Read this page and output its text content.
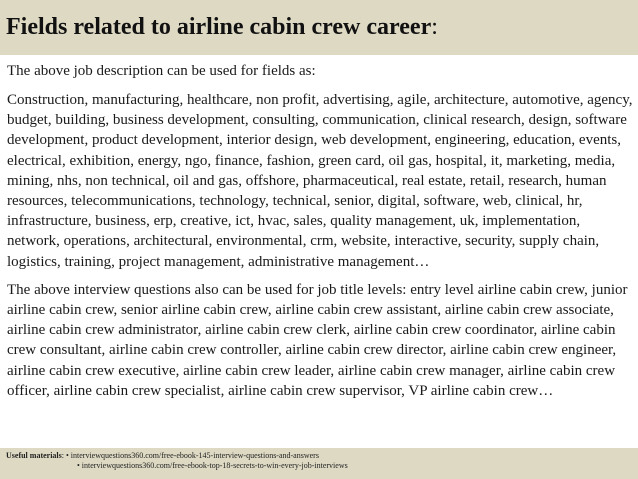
Fields related to airline cabin crew career:

The above job description can be used for fields as:

Construction, manufacturing, healthcare, non profit, advertising, agile, architecture, automotive, agency, budget, building, business development, consulting, communication, clinical research, design, software development, product development, interior design, web development, engineering, education, events, electrical, exhibition, energy, ngo, finance, fashion, green card, oil gas, hospital, it, marketing, media, mining, nhs, non technical, oil and gas, offshore, pharmaceutical, real estate, retail, research, human resources, telecommunications, technology, technical, senior, digital, software, web, clinical, hr, infrastructure, business, erp, creative, ict, hvac, sales, quality management, uk, implementation, network, operations, architectural, environmental, crm, website, interactive, security, supply chain, logistics, training, project management, administrative management…

The above interview questions also can be used for job title levels: entry level airline cabin crew, junior airline cabin crew, senior airline cabin crew, airline cabin crew assistant, airline cabin crew associate, airline cabin crew administrator, airline cabin crew clerk, airline cabin crew coordinator, airline cabin crew consultant, airline cabin crew controller, airline cabin crew director, airline cabin crew engineer, airline cabin crew executive, airline cabin crew leader, airline cabin crew manager, airline cabin crew officer, airline cabin crew specialist, airline cabin crew supervisor, VP airline cabin crew…

Useful materials: • interviewquestions360.com/free-ebook-145-interview-questions-and-answers
• interviewquestions360.com/free-ebook-top-18-secrets-to-win-every-job-interviews
